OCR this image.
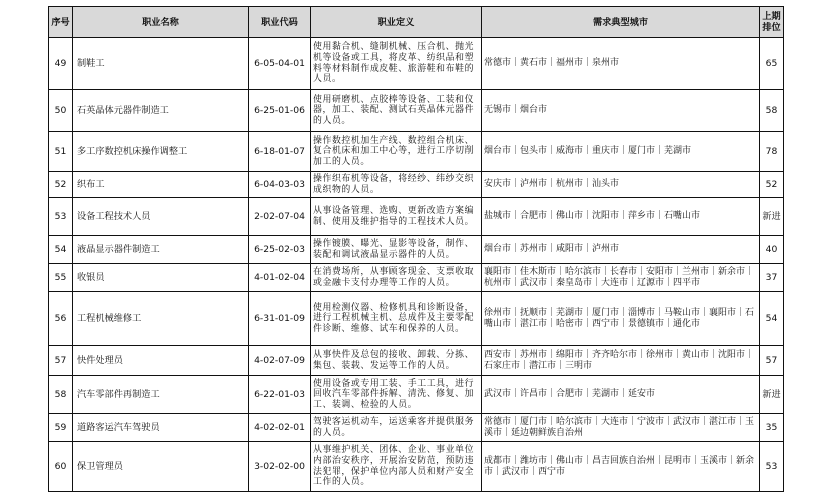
序号	职业名称	职业代码	职业定义	需求典型城市	上期
排位

49	制鞋工	6-05-04-01	使用黏合机、缝制机械、压合机、抛光机等设备或工具，将皮革、纺织品和塑料等材料制作成皮鞋、旅游鞋和布鞋的人员。	常德市｜黄石市｜福州市｜泉州市	65
50	石英晶体元器件制造工	6-25-01-06	使用研磨机、点胶棒等设备、工装和仪器，加工、装配、测试石英晶体元器件的人员。	无锡市｜烟台市	58
51	多工序数控机床操作调整工	6-18-01-07	操作数控机加生产线、数控组合机床、复合机床和加工中心等，进行工序切削加工的人员。	烟台市｜包头市｜威海市｜重庆市｜厦门市｜芜湖市	78
52	织布工	6-04-03-03	操作织布机等设备，将经纱、纬纱交织成织物的人员。	安庆市｜泸州市｜杭州市｜汕头市	52
53	设备工程技术人员	2-02-07-04	从事设备管理、选购、更新改造方案编制、使用及维护指导的工程技术人员。	盐城市｜合肥市｜佛山市｜沈阳市｜萍乡市｜石嘴山市	新进
54	液晶显示器件制造工	6-25-02-03	操作镀膜、曝光、显影等设备，制作、装配和调试液晶显示器件的人员。	烟台市｜苏州市｜咸阳市｜泸州市	40
55	收银员	4-01-02-04	在消费场所，从事顾客现金、支票收取或金融卡支付办理等工作的人员。	襄阳市｜佳木斯市｜哈尔滨市｜长春市｜安阳市｜兰州市｜新余市｜杭州市｜武汉市｜秦皇岛市｜大连市｜辽源市｜四平市	37
56	工程机械维修工	6-31-01-09	使用检测仪器、检修机具和诊断设备，进行工程机械主机、总成件及主要零配件诊断、维修、试车和保养的人员。	徐州市｜抚顺市｜芜湖市｜厦门市｜淄博市｜马鞍山市｜襄阳市｜石嘴山市｜湛江市｜哈密市｜西宁市｜景德镇市｜通化市	54
57	快件处理员	4-02-07-09	从事快件及总包的接收、卸载、分拣、集包、装载、发运等工作的人员。	西安市｜苏州市｜绵阳市｜齐齐哈尔市｜徐州市｜黄山市｜沈阳市｜石家庄市｜潜江市｜三明市	57
58	汽车零部件再制造工	6-22-01-03	使用设备或专用工装、手工工具，进行回收汽车零部件拆解、清洗、修复、加工、装调、检验的人员。	武汉市｜许昌市｜合肥市｜芜湖市｜延安市	新进
59	道路客运汽车驾驶员	4-02-02-01	驾驶客运机动车，运送乘客并提供服务的人员。	常德市｜厦门市｜哈尔滨市｜大连市｜宁波市｜武汉市｜湛江市｜玉溪市｜延边朝鲜族自治州	35
60	保卫管理员	3-02-02-00	从事维护机关、团体、企业、事业单位内部治安秩序，开展治安防范，预防违法犯罪，保护单位内部人员和财产安全工作的人员。	成都市｜潍坊市｜佛山市｜昌吉回族自治州｜昆明市｜玉溪市｜新余市｜武汉市｜西宁市	53
